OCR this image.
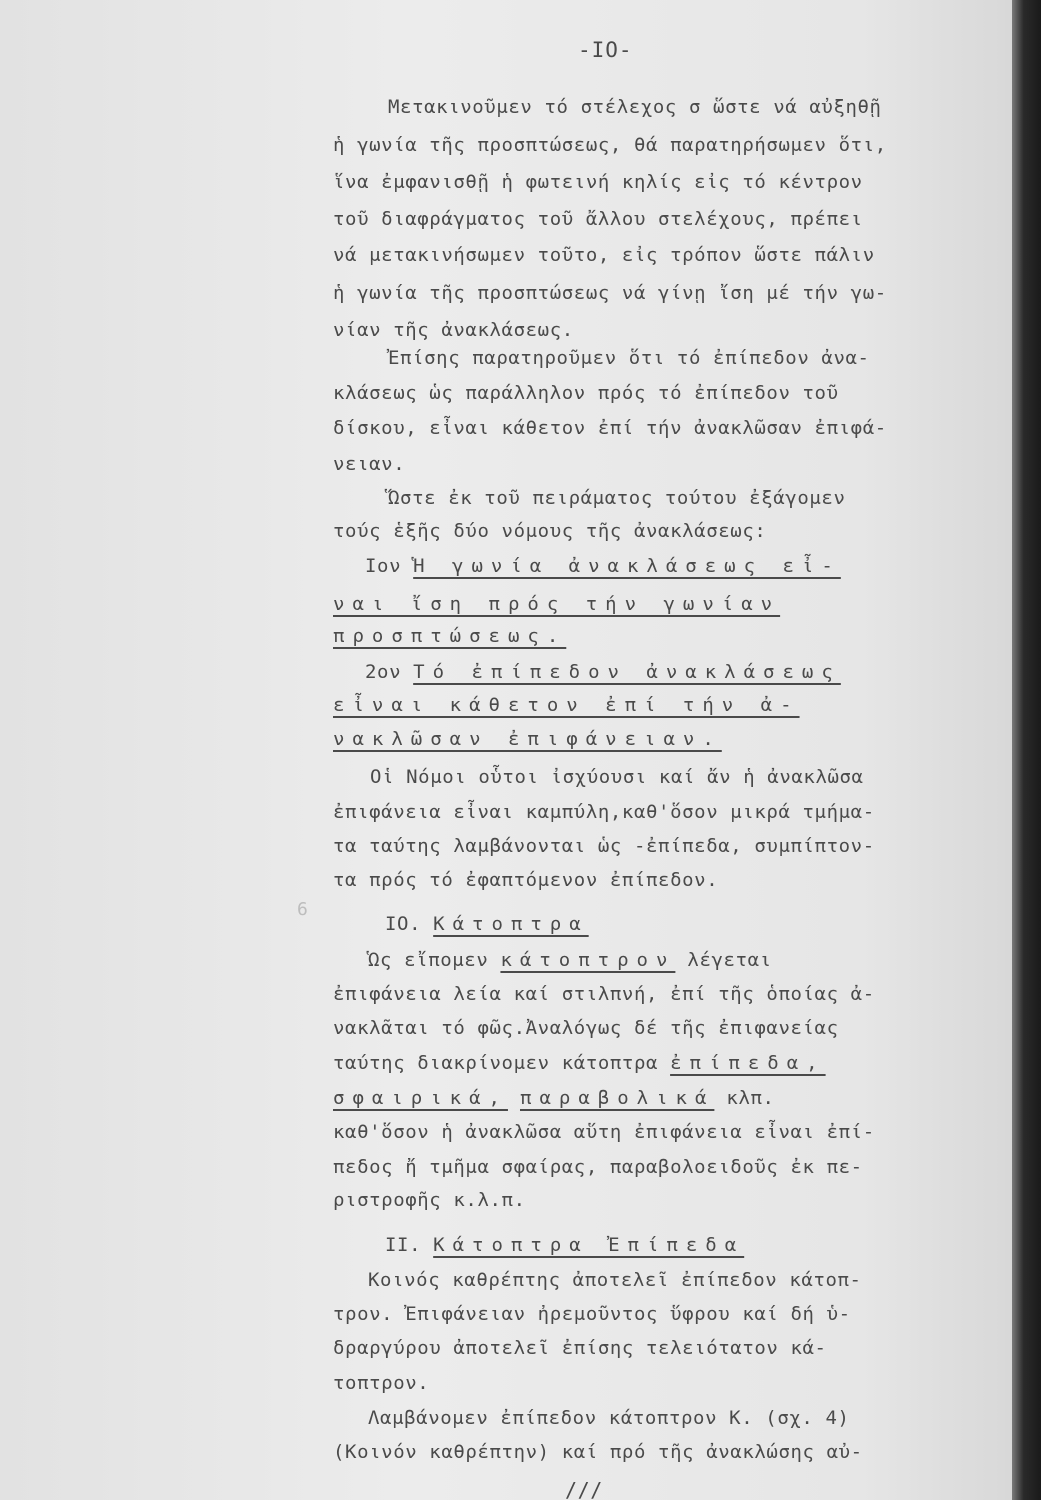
-IO-
Μετακινοῦμεν τό στέλεχος σ ὥστε νά αὐξηθῇ
ἡ γωνία τῆς προσπτώσεως, θά παρατηρήσωμεν ὅτι,
ἵνα ἐμφανισθῇ ἡ φωτεινή κηλίς εἰς τό κέντρον
τοῦ διαφράγματος τοῦ ἄλλου στελέχους, πρέπει
νά μετακινήσωμεν τοῦτο, εἰς τρόπον ὥστε πάλιν
ἡ γωνία τῆς προσπτώσεως νά γίνῃ ἴση μέ τήν γω-
νίαν τῆς ἀνακλάσεως.
Ἐπίσης παρατηροῦμεν ὅτι τό ἐπίπεδον ἀνα-
κλάσεως ὡς παράλληλον πρός τό ἐπίπεδον τοῦ
δίσκου, εἶναι κάθετον ἐπί τήν ἀνακλῶσαν ἐπιφά-
νειαν.
Ὥστε ἐκ τοῦ πειράματος τούτου ἐξάγομεν
τούς ἑξῆς δύο νόμους τῆς ἀνακλάσεως:
Ιον Ἡ γωνία ἀνακλάσεως εἶ-
ναι ἴση πρός τήν γωνίαν
προσπτώσεως.
2ον Τό ἐπίπεδον ἀνακλάσεως
εἶναι κάθετον ἐπί τήν ἀ-
νακλῶσαν ἐπιφάνειαν.
Οἱ Νόμοι οὗτοι ἰσχύουσι καί ἄν ἡ ἀνακλῶσα
ἐπιφάνεια εἶναι καμπύλη,καθ'ὅσον μικρά τμήμα-
τα ταύτης λαμβάνονται ὡς -ἐπίπεδα, συμπίπτον-
τα πρός τό ἐφαπτόμενον ἐπίπεδον.
6
ΙΟ. Κάτοπτρα
Ὡς εἴπομεν κάτοπτρον λέγεται
ἐπιφάνεια λεία καί στιλπνή, ἐπί τῆς ὁποίας ἀ-
νακλᾶται τό φῶς.Ἀναλόγως δέ τῆς ἐπιφανείας
ταύτης διακρίνομεν κάτοπτρα ἐπίπεδα,
σφαιρικά, παραβολικά κλπ.
καθ'ὅσον ἡ ἀνακλῶσα αὕτη ἐπιφάνεια εἶναι ἐπί-
πεδος ἤ τμῆμα σφαίρας, παραβολοειδοῦς ἐκ πε-
ριστροφῆς κ.λ.π.
ΙΙ. Κάτοπτρα Ἐπίπεδα
Κοινός καθρέπτης ἀποτελεῖ ἐπίπεδον κάτοπ-
τρον. Ἐπιφάνειαν ἠρεμοῦντος ὕφρου καί δή ὑ-
δραργύρου ἀποτελεῖ ἐπίσης τελειότατον κά-
τοπτρον.
Λαμβάνομεν ἐπίπεδον κάτοπτρον Κ. (σχ. 4)
(Κοινόν καθρέπτην) καί πρό τῆς ἀνακλώσης αὐ-
///
